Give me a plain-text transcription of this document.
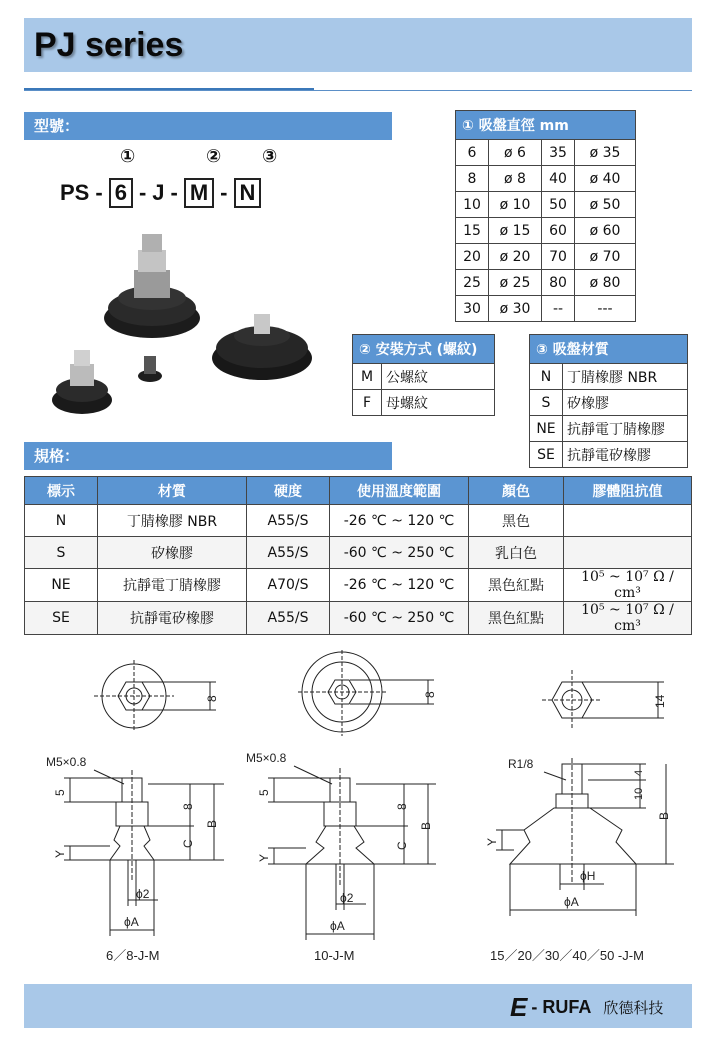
PJ series
型號：
①	② ③
PS - 6 - J - M - N
① 吸盤直徑 mm			
6	ø 6	35	ø 35
8	ø 8	40	ø 40
10	ø 10	50	ø 50
15	ø 15	60	ø 60
20	ø 20	70	ø 70
25	ø 25	80	ø 80
30	ø 30	--	---
② 安裝方式 (螺紋)	
M	公螺紋
F	母螺紋
③ 吸盤材質	
N	丁腈橡膠 NBR
S	矽橡膠
NE	抗靜電丁腈橡膠
SE	抗靜電矽橡膠
規格：
標示	材質	硬度	使用溫度範圍	顏色	膠體阻抗值
N	丁腈橡膠 NBR	A55/S	-26 ℃ ~ 120 ℃	黑色	
S	矽橡膠	A55/S	-60 ℃ ~ 250 ℃	乳白色	
NE	抗靜電丁腈橡膠	A70/S	-26 ℃ ~ 120 ℃	黑色紅點	10⁵ ~ 10⁷ Ω / cm³
SE	抗靜電矽橡膠	A55/S	-60 ℃ ~ 250 ℃	黑色紅點	10⁵ ~ 10⁷ Ω / cm³
8
M5×0.8
5
Y
8
C
B
ϕ2
ϕA
6／8-J-M
8
M5×0.8
5
Y
8
C
B
ϕ2
ϕA
10-J-M
14
R1/8
Y
4
10
B
ϕH
ϕA
15／20／30／40／50 -J-M
E - RUFA 欣德科技
